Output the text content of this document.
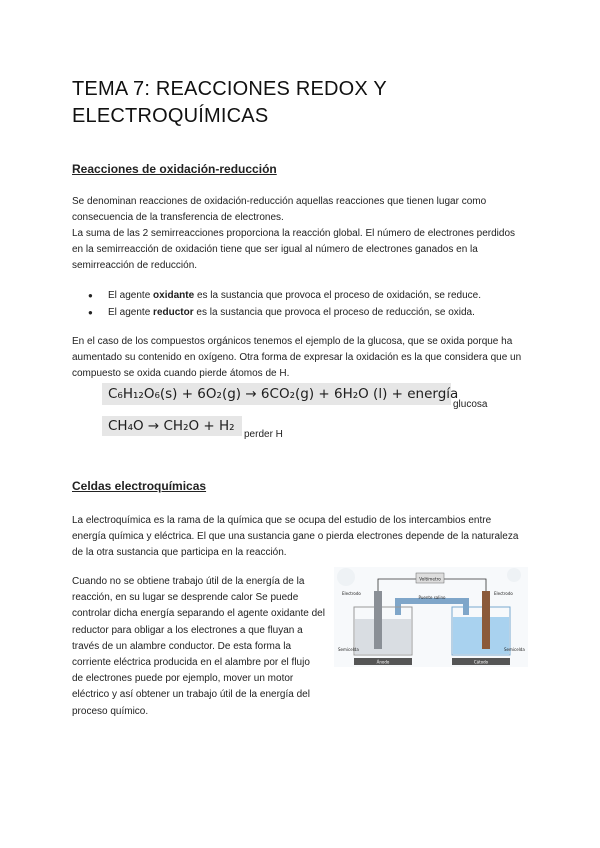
TEMA 7: REACCIONES REDOX Y
ELECTROQUÍMICAS
Reacciones de oxidación-reducción

Se denominan reacciones de oxidación-reducción aquellas reacciones que tienen lugar como
consecuencia de la transferencia de electrones.
La suma de las 2 semirreacciones proporciona la reacción global. El número de electrones perdidos
en la semirreacción de oxidación tiene que ser igual al número de electrones ganados en la
semirreacción de reducción.

● El agente oxidante es la sustancia que provoca el proceso de oxidación, se reduce.
● El agente reductor es la sustancia que provoca el proceso de reducción, se oxida.

En el caso de los compuestos orgánicos tenemos el ejemplo de la glucosa, que se oxida porque ha
aumentado su contenido en oxígeno. Otra forma de expresar la oxidación es la que considera que un
compuesto se oxida cuando pierde átomos de H.

C₆H₁₂O₆(s) + 6O₂(g) → 6CO₂(g) + 6H₂O (l) + energía
glucosa
CH₄O → CH₂O + H₂
perder H
Celdas electroquímicas

La electroquímica es la rama de la química que se ocupa del estudio de los intercambios entre
energía química y eléctrica. El que una sustancia gane o pierda electrones depende de la naturaleza
de la otra sustancia que participa en la reacción.

Cuando no se obtiene trabajo útil de la energía de la
reacción, en su lugar se desprende calor Se puede
controlar dicha energía separando el agente oxidante del
reductor para obligar a los electrones a que fluyan a
través de un alambre conductor. De esta forma la
corriente eléctrica producida en el alambre por el flujo
de electrones puede por ejemplo, mover un motor
eléctrico y así obtener un trabajo útil de la energía del
proceso químico.

Voltímetro
Electrodo	Electrodo
Puente salino
Semicelda	Semicelda
Ánodo	Cátodo
